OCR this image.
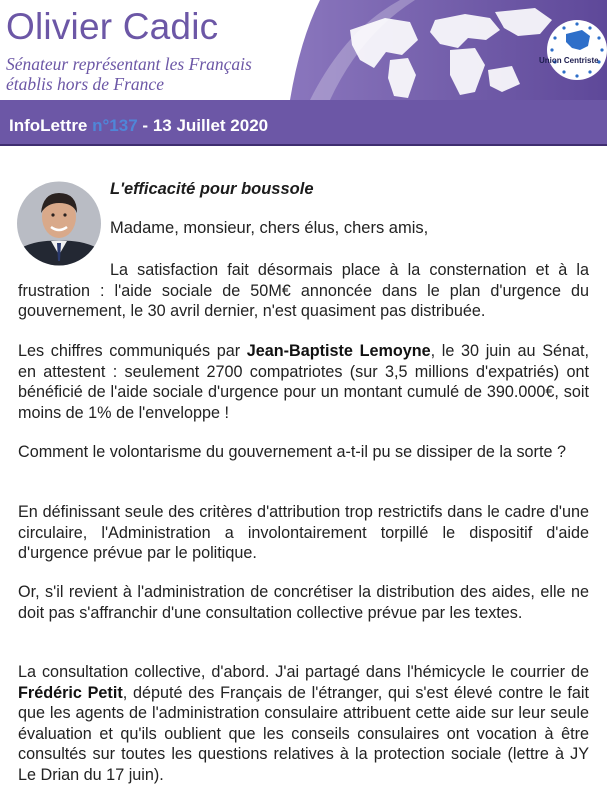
Olivier Cadic
Sénateur représentant les Français
établis hors de France
Union Centriste
InfoLettre n°137 - 13 Juillet 2020
L'efficacité pour boussole
Madame, monsieur, chers élus, chers amis,
La satisfaction fait désormais place à la consternation et à la frustration : l'aide sociale de 50M€ annoncée dans le plan d'urgence du gouvernement, le 30 avril dernier, n'est quasiment pas distribuée.
Les chiffres communiqués par Jean-Baptiste Lemoyne, le 30 juin au Sénat, en attestent : seulement 2700 compatriotes (sur 3,5 millions d'expatriés) ont bénéficié de l'aide sociale d'urgence pour un montant cumulé de 390.000€, soit moins de 1% de l'enveloppe !
Comment le volontarisme du gouvernement a-t-il pu se dissiper de la sorte ?
En définissant seule des critères d'attribution trop restrictifs dans le cadre d'une circulaire, l'Administration a involontairement torpillé le dispositif d'aide d'urgence prévue par le politique.
Or, s'il revient à l'administration de concrétiser la distribution des aides, elle ne doit pas s'affranchir d'une consultation collective prévue par les textes.
La consultation collective, d'abord. J'ai partagé dans l'hémicycle le courrier de Frédéric Petit, député des Français de l'étranger, qui s'est élevé contre le fait que les agents de l'administration consulaire attribuent cette aide sur leur seule évaluation et qu'ils oublient que les conseils consulaires ont vocation à être consultés sur toutes les questions relatives à la protection sociale (lettre à JY Le Drian du 17 juin).
